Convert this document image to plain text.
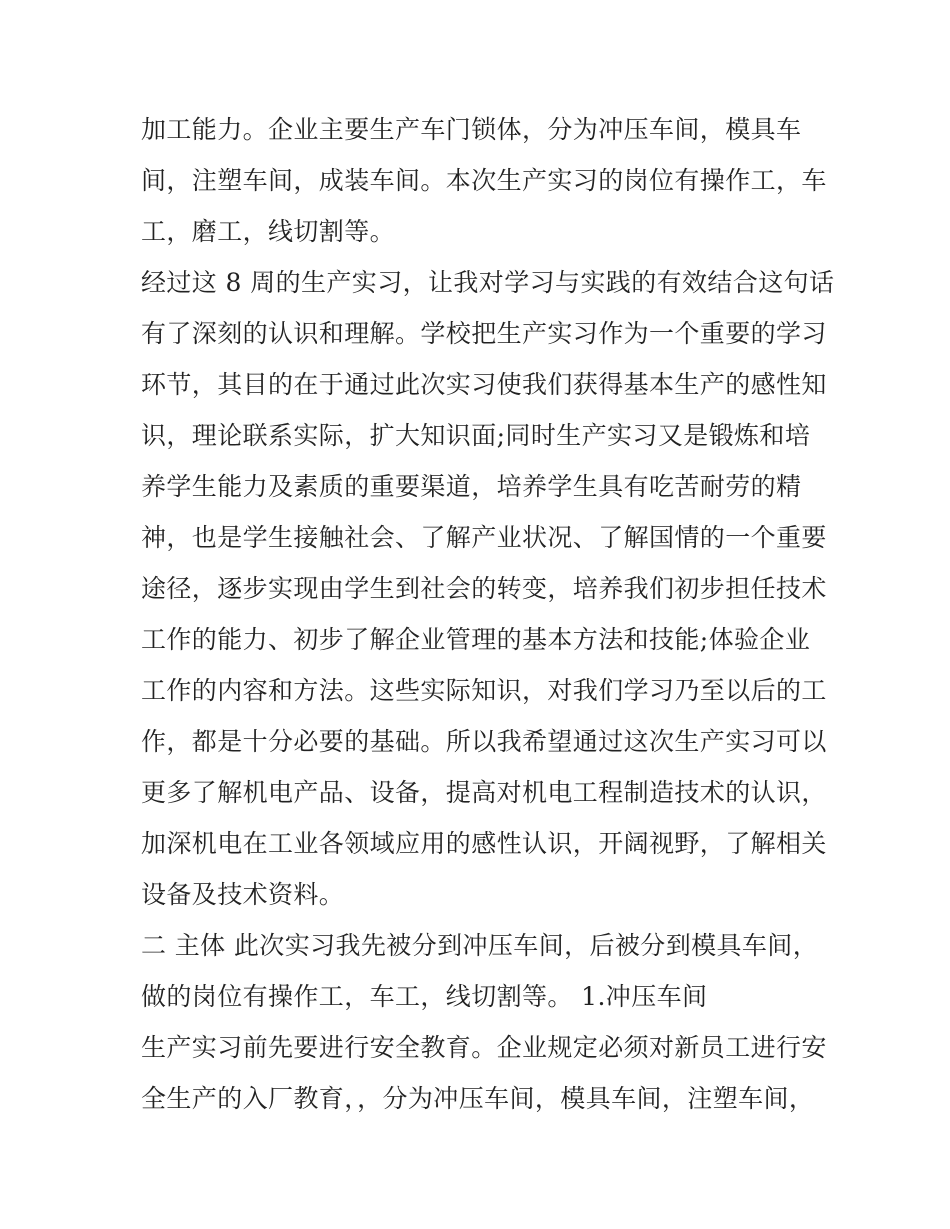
加工能力。企业主要生产车门锁体，分为冲压车间，模具车
间，注塑车间，成装车间。本次生产实习的岗位有操作工，车
工，磨工，线切割等。
经过这 8 周的生产实习，让我对学习与实践的有效结合这句话
有了深刻的认识和理解。学校把生产实习作为一个重要的学习
环节，其目的在于通过此次实习使我们获得基本生产的感性知
识，理论联系实际，扩大知识面;同时生产实习又是锻炼和培
养学生能力及素质的重要渠道，培养学生具有吃苦耐劳的精
神，也是学生接触社会、了解产业状况、了解国情的一个重要
途径，逐步实现由学生到社会的转变，培养我们初步担任技术
工作的能力、初步了解企业管理的基本方法和技能;体验企业
工作的内容和方法。这些实际知识，对我们学习乃至以后的工
作，都是十分必要的基础。所以我希望通过这次生产实习可以
更多了解机电产品、设备，提高对机电工程制造技术的认识，
加深机电在工业各领域应用的感性认识，开阔视野，了解相关
设备及技术资料。
二 主体 此次实习我先被分到冲压车间，后被分到模具车间，
做的岗位有操作工，车工，线切割等。 1.冲压车间
生产实习前先要进行安全教育。企业规定必须对新员工进行安
全生产的入厂教育，，分为冲压车间，模具车间，注塑车间，
